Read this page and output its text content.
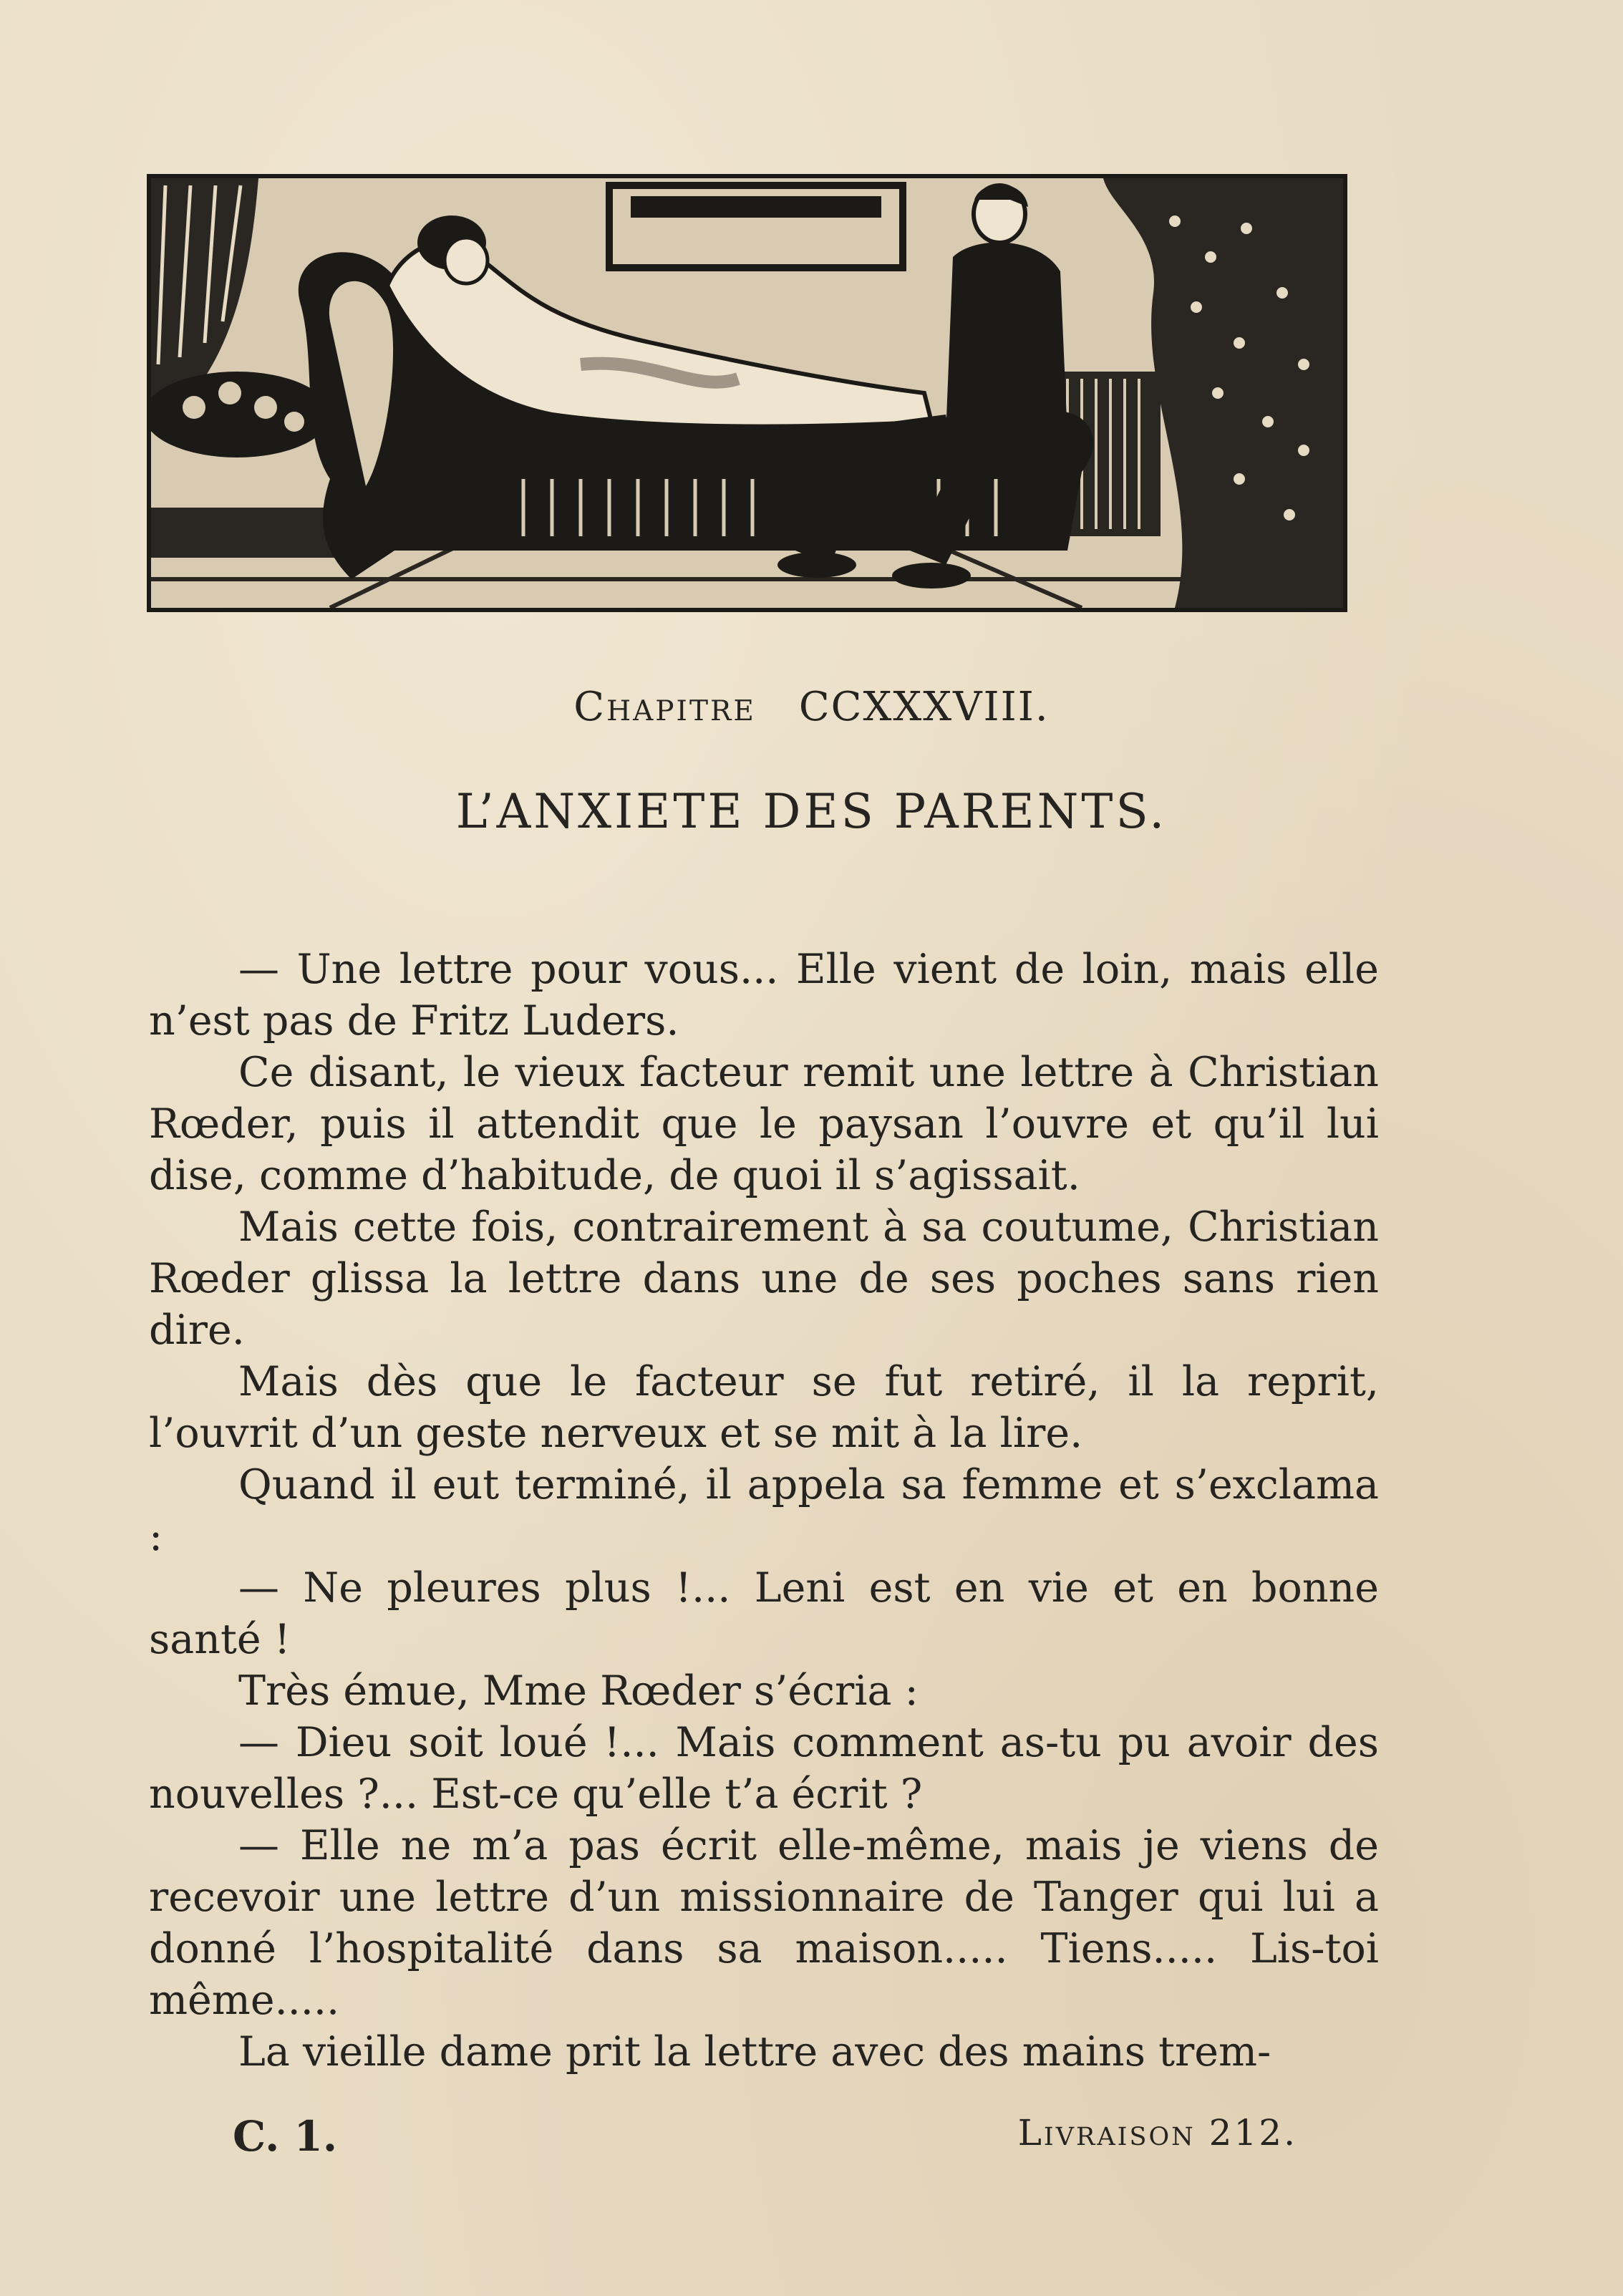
Chapitre CCXXXVIII.
L’ANXIETE DES PARENTS.

— Une lettre pour vous... Elle vient de loin, mais elle n’est pas de Fritz Luders.

Ce disant, le vieux facteur remit une lettre à Christian Rœder, puis il attendit que le paysan l’ouvre et qu’il lui dise, comme d’habitude, de quoi il s’agissait.

Mais cette fois, contrairement à sa coutume, Christian Rœder glissa la lettre dans une de ses poches sans rien dire.

Mais dès que le facteur se fut retiré, il la reprit, l’ouvrit d’un geste nerveux et se mit à la lire.

Quand il eut terminé, il appela sa femme et s’exclama :

— Ne pleures plus !... Leni est en vie et en bonne santé !

Très émue, Mme Rœder s’écria :

— Dieu soit loué !... Mais comment as-tu pu avoir des nouvelles ?... Est-ce qu’elle t’a écrit ?

— Elle ne m’a pas écrit elle-même, mais je viens de recevoir une lettre d’un missionnaire de Tanger qui lui a donné l’hospitalité dans sa maison..... Tiens..... Lis-toi même.....

La vieille dame prit la lettre avec des mains trem-

C. 1.	Livraison 212.
